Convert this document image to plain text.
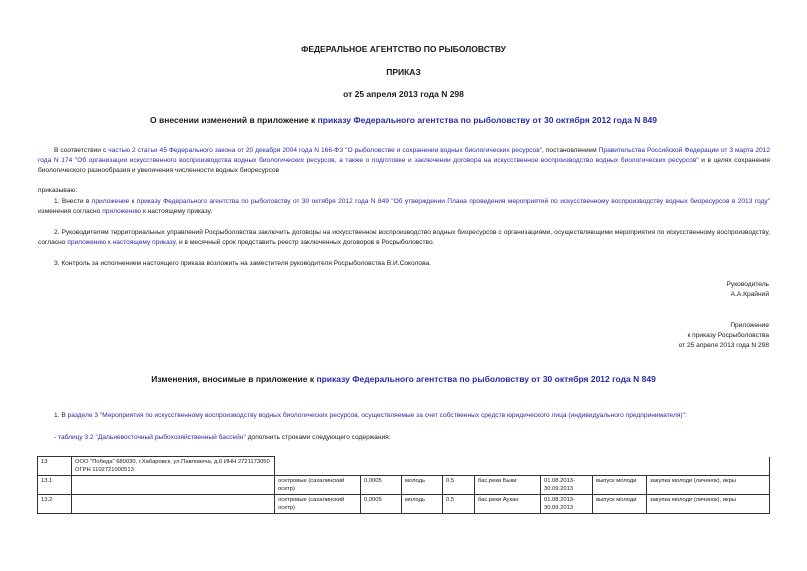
ФЕДЕРАЛЬНОЕ АГЕНТСТВО ПО РЫБОЛОВСТВУ
ПРИКАЗ
от 25 апреля 2013 года N 298
О внесении изменений в приложение к приказу Федерального агентства по рыболовству от 30 октября 2012 года N 849
В соответствии с частью 2 статьи 45 Федерального закона от 20 декабря 2004 года N 166-ФЗ "О рыболовстве и сохранении водных биологических ресурсов", постановлением Правительства Российской Федерации от 3 марта 2012 года N 174 "Об организации искусственного воспроизводства водных биологических ресурсов, а также о подготовке и заключении договора на искусственное воспроизводство водных биологических ресурсов" и в целях сохранения биологического разнообразия и увеличения численности водных биоресурсов
приказываю:
1. Внести в приложение к приказу Федерального агентства по рыболовству от 30 октября 2012 года N 849 "Об утверждении Плана проведения мероприятий по искусственному воспроизводству водных биоресурсов в 2013 году" изменения согласно приложению к настоящему приказу.
2. Руководителям территориальных управлений Росрыболовства заключить договоры на искусственное воспроизводство водных биоресурсов с организациями, осуществляющими мероприятия по искусственному воспроизводству, согласно приложению к настоящему приказу, и в месячный срок представить реестр заключенных договоров в Росрыболовство.
3. Контроль за исполнением настоящего приказа возложить на заместителя руководителя Росрыболовства В.И.Соколова.
Руководитель
А.А.Крайний
Приложение
к приказу Росрыболовства
от 25 апреля 2013 года N 298
Изменения, вносимые в приложение к приказу Федерального агентства по рыболовству от 30 октября 2012 года N 849
1. В разделе 3 "Мероприятия по искусственному воспроизводству водных биологических ресурсов, осуществляемые за счет собственных средств юридического лица (индивидуального предпринимателя)":
- таблицу 3.2 "Дальневосточный рыбохозяйственный бассейн" дополнить строками следующего содержания:
13	ООО "Победа" 680030, г.Хабаровск, ул.Павловича, д.6 ИНН 2721173050 ОГРН 1102721000513								
13.1		осетровые (сахалинский осетр)	0,0005	молодь	0,5	бас.реки Быки	01.08.2013-30.09.2013	выпуск молоди	закупка молоди (личинок), икры
13.2		осетровые (сахалинский осетр)	0,0005	молодь	0,5	бас.реки Аукан	01.08.2013-30.09.2013	выпуск молоди	закупка молоди (личинок), икры
